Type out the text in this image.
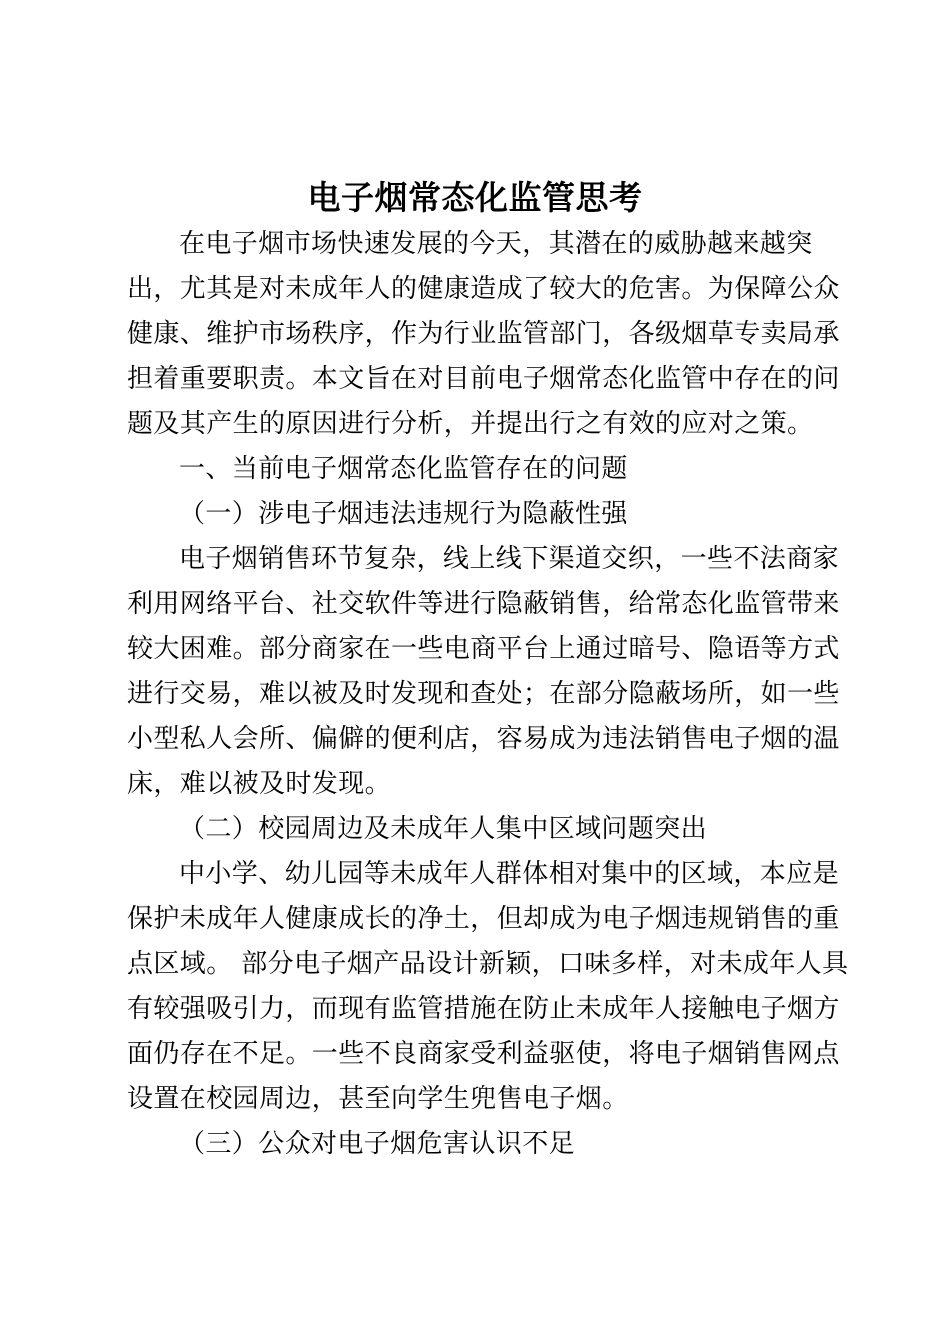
电子烟常态化监管思考
在电子烟市场快速发展的今天，其潜在的威胁越来越突
出，尤其是对未成年人的健康造成了较大的危害。为保障公众
健康、维护市场秩序，作为行业监管部门，各级烟草专卖局承
担着重要职责。本文旨在对目前电子烟常态化监管中存在的问
题及其产生的原因进行分析，并提出行之有效的应对之策。
一、当前电子烟常态化监管存在的问题
（一）涉电子烟违法违规行为隐蔽性强
电子烟销售环节复杂，线上线下渠道交织，一些不法商家
利用网络平台、社交软件等进行隐蔽销售，给常态化监管带来
较大困难。部分商家在一些电商平台上通过暗号、隐语等方式
进行交易，难以被及时发现和查处；在部分隐蔽场所，如一些
小型私人会所、偏僻的便利店，容易成为违法销售电子烟的温
床，难以被及时发现。
（二）校园周边及未成年人集中区域问题突出
中小学、幼儿园等未成年人群体相对集中的区域，本应是
保护未成年人健康成长的净土，但却成为电子烟违规销售的重
点区域。 部分电子烟产品设计新颖，口味多样，对未成年人具
有较强吸引力，而现有监管措施在防止未成年人接触电子烟方
面仍存在不足。一些不良商家受利益驱使，将电子烟销售网点
设置在校园周边，甚至向学生兜售电子烟。
（三）公众对电子烟危害认识不足
